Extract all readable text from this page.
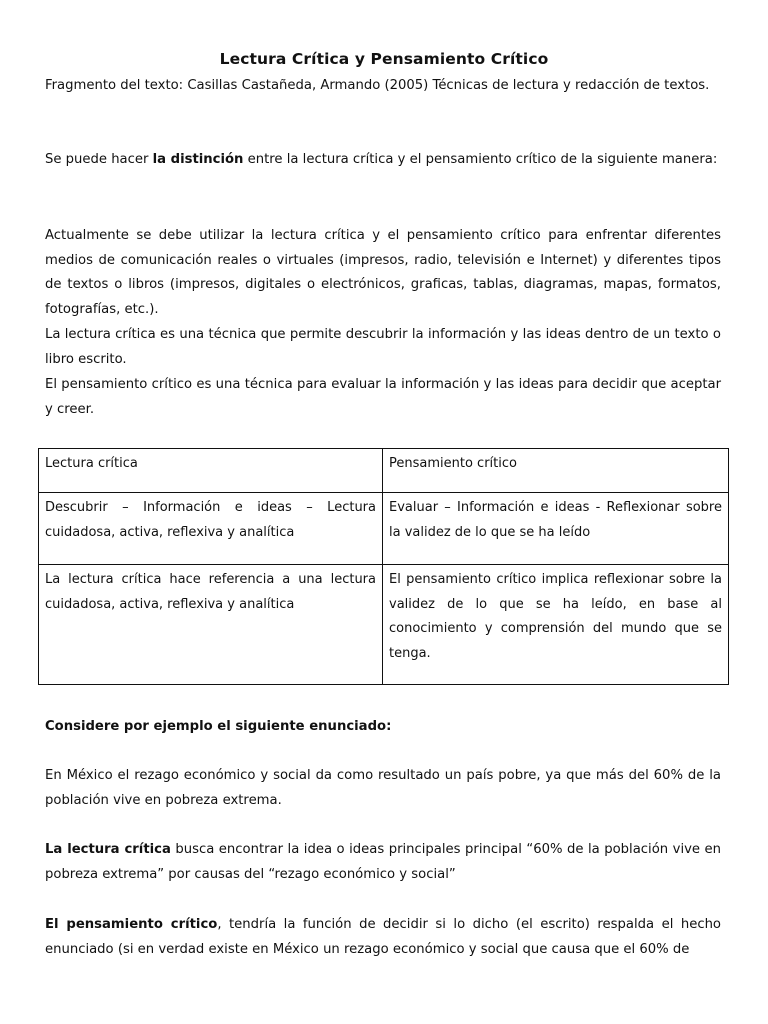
Lectura Crítica y Pensamiento Crítico

Fragmento del texto: Casillas Castañeda, Armando (2005) Técnicas de lectura y redacción de textos.

Se puede hacer la distinción entre la lectura crítica y el pensamiento crítico de la siguiente manera:

Actualmente se debe utilizar la lectura crítica y el pensamiento crítico para enfrentar diferentes medios de comunicación reales o virtuales (impresos, radio, televisión e Internet) y diferentes tipos de textos o libros (impresos, digitales o electrónicos, graficas, tablas, diagramas, mapas, formatos, fotografías, etc.).

La lectura crítica es una técnica que permite descubrir la información y las ideas dentro de un texto o libro escrito.

El pensamiento crítico es una técnica para evaluar la información y las ideas para decidir que aceptar y creer.

Lectura crítica	Pensamiento crítico
Descubrir – Información e ideas – Lectura cuidadosa, activa, reflexiva y analítica	Evaluar – Información e ideas - Reflexionar sobre la validez de lo que se ha leído
La lectura crítica hace referencia a una lectura cuidadosa, activa, reflexiva y analítica	El pensamiento crítico implica reflexionar sobre la validez de lo que se ha leído, en base al conocimiento y comprensión del mundo que se tenga.

Considere por ejemplo el siguiente enunciado:

En México el rezago económico y social da como resultado un país pobre, ya que más del 60% de la población vive en pobreza extrema.

La lectura crítica busca encontrar la idea o ideas principales principal “60% de la población vive en pobreza extrema” por causas del “rezago económico y social”

El pensamiento crítico, tendría la función de decidir si lo dicho (el escrito) respalda el hecho enunciado (si en verdad existe en México un rezago económico y social que causa que el 60% de
